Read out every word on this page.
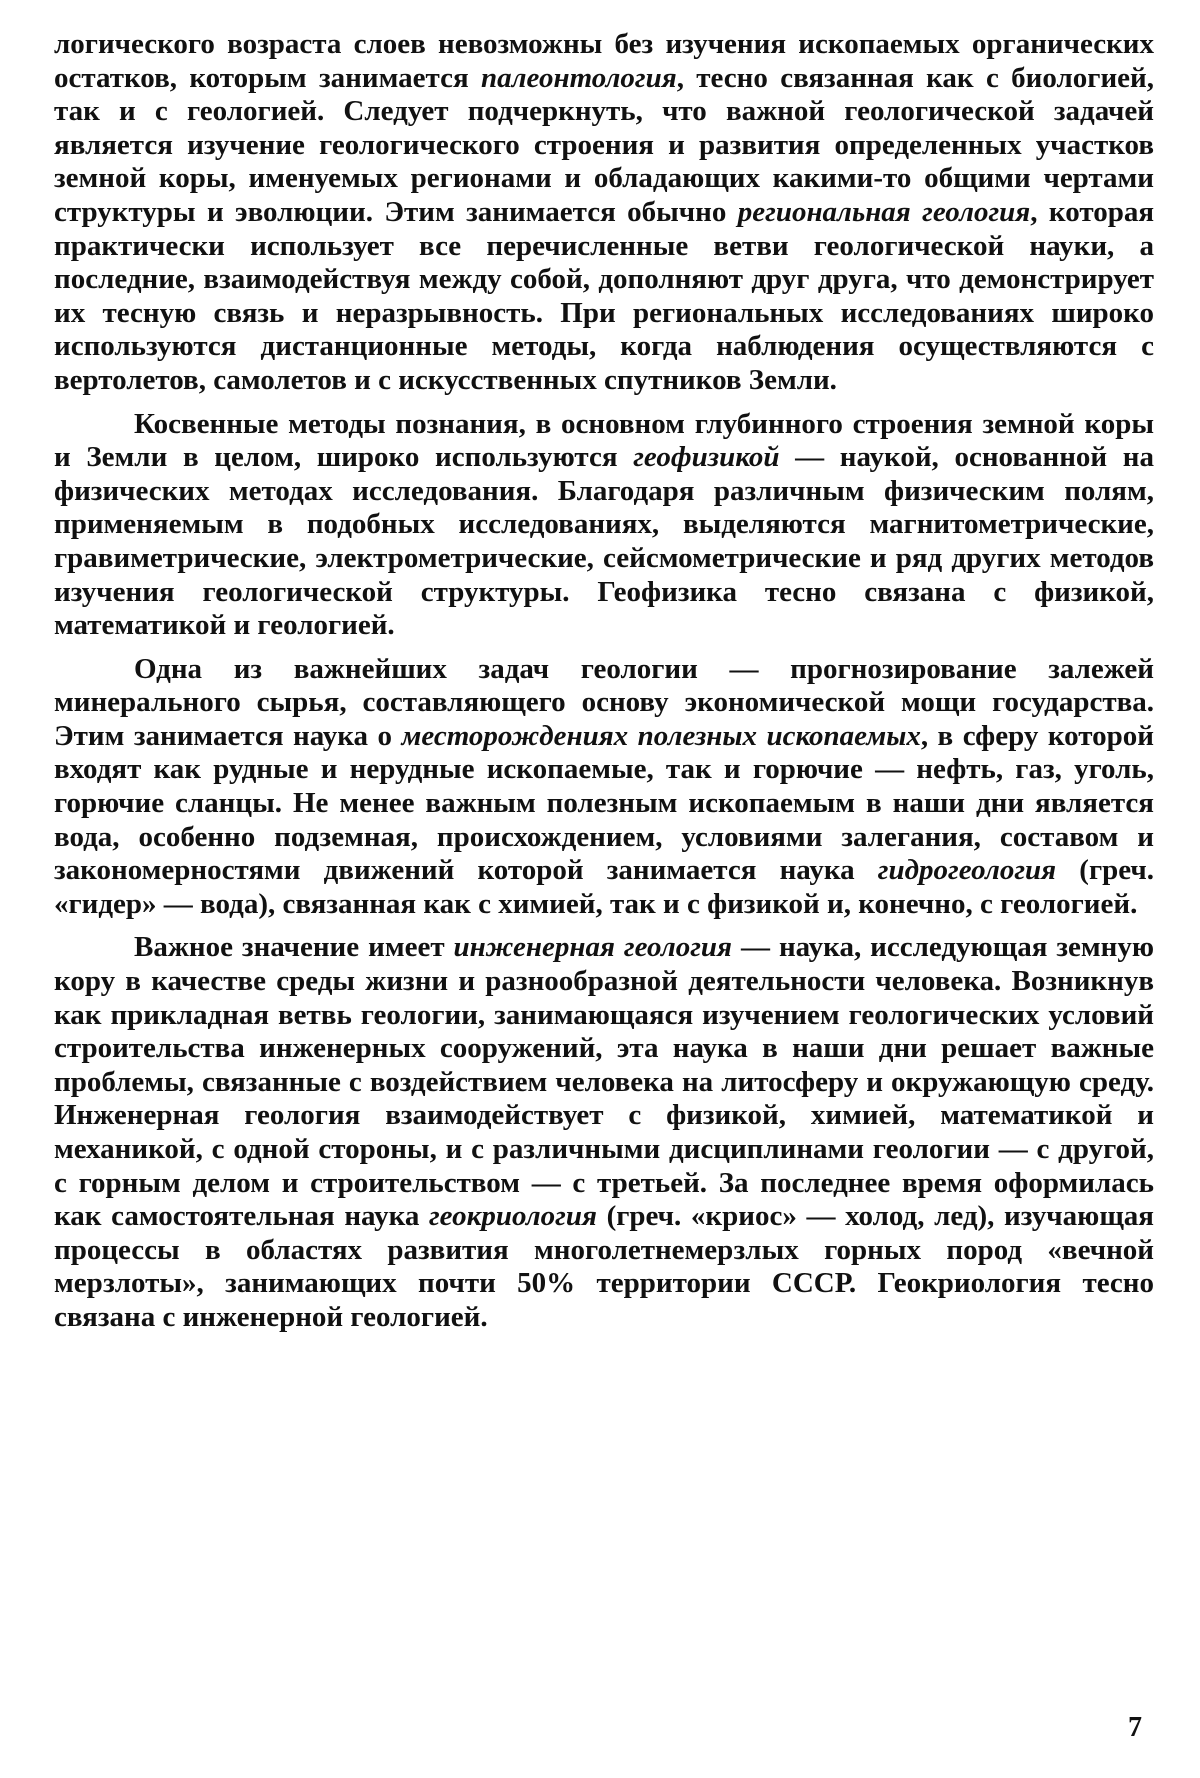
логического возраста слоев невозможны без изучения ископаемых органических остатков, которым занимается палеонтология, тесно связанная как с биологией, так и с геологией. Следует подчеркнуть, что важной геологической задачей является изучение геологического строения и развития определенных участков земной коры, именуемых регионами и обладающих какими-то общими чертами структуры и эволюции. Этим занимается обычно региональная геология, которая практически использует все перечисленные ветви геологической науки, а последние, взаимодействуя между собой, дополняют друг друга, что демонстрирует их тесную связь и неразрывность. При региональных исследованиях широко используются дистанционные методы, когда наблюдения осуществляются с вертолетов, самолетов и с искусственных спутников Земли.

Косвенные методы познания, в основном глубинного строения земной коры и Земли в целом, широко используются геофизикой — наукой, основанной на физических методах исследования. Благодаря различным физическим полям, применяемым в подобных исследованиях, выделяются магнитометрические, гравиметрические, электрометрические, сейсмометрические и ряд других методов изучения геологической структуры. Геофизика тесно связана с физикой, математикой и геологией.

Одна из важнейших задач геологии — прогнозирование залежей минерального сырья, составляющего основу экономической мощи государства. Этим занимается наука о месторождениях полезных ископаемых, в сферу которой входят как рудные и нерудные ископаемые, так и горючие — нефть, газ, уголь, горючие сланцы. Не менее важным полезным ископаемым в наши дни является вода, особенно подземная, происхождением, условиями залегания, составом и закономерностями движений которой занимается наука гидрогеология (греч. «гидер» — вода), связанная как с химией, так и с физикой и, конечно, с геологией.

Важное значение имеет инженерная геология — наука, исследующая земную кору в качестве среды жизни и разнообразной деятельности человека. Возникнув как прикладная ветвь геологии, занимающаяся изучением геологических условий строительства инженерных сооружений, эта наука в наши дни решает важные проблемы, связанные с воздействием человека на литосферу и окружающую среду. Инженерная геология взаимодействует с физикой, химией, математикой и механикой, с одной стороны, и с различными дисциплинами геологии — с другой, с горным делом и строительством — с третьей. За последнее время оформилась как самостоятельная наука геокриология (греч. «криос» — холод, лед), изучающая процессы в областях развития многолетнемерзлых горных пород «вечной мерзлоты», занимающих почти 50% территории СССР. Геокриология тесно связана с инженерной геологией.

7
